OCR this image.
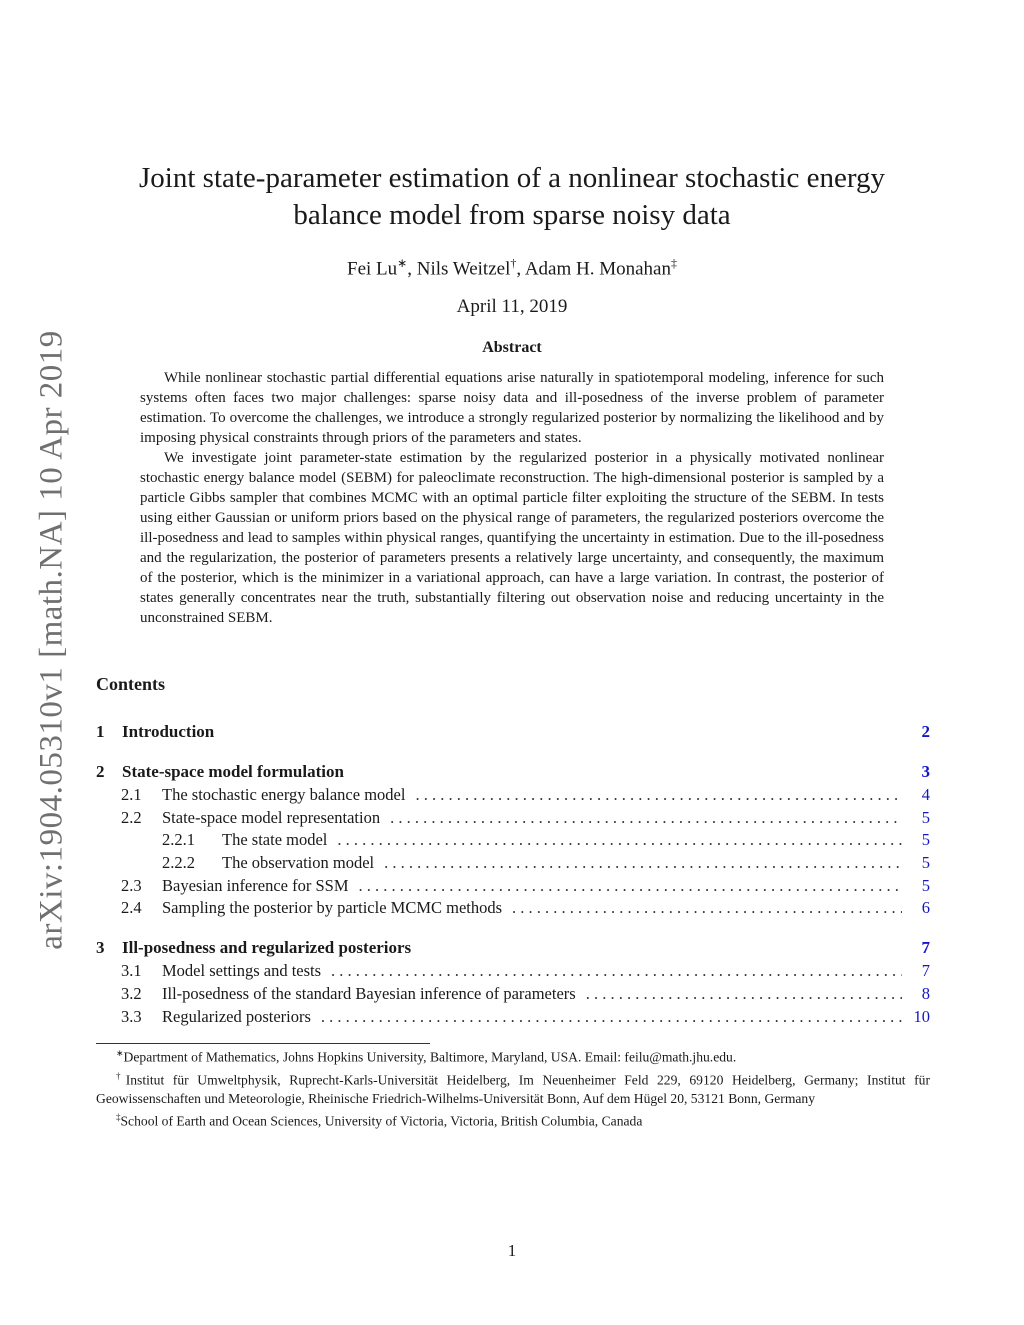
arXiv:1904.05310v1 [math.NA] 10 Apr 2019
Joint state-parameter estimation of a nonlinear stochastic energy
balance model from sparse noisy data
Fei Lu∗, Nils Weitzel†, Adam H. Monahan‡
April 11, 2019
Abstract

While nonlinear stochastic partial differential equations arise naturally in spatiotemporal modeling, inference for such systems often faces two major challenges: sparse noisy data and ill-posedness of the inverse problem of parameter estimation. To overcome the challenges, we introduce a strongly regularized posterior by normalizing the likelihood and by imposing physical constraints through priors of the parameters and states.

We investigate joint parameter-state estimation by the regularized posterior in a physically motivated nonlinear stochastic energy balance model (SEBM) for paleoclimate reconstruction. The high-dimensional posterior is sampled by a particle Gibbs sampler that combines MCMC with an optimal particle filter exploiting the structure of the SEBM. In tests using either Gaussian or uniform priors based on the physical range of parameters, the regularized posteriors overcome the ill-posedness and lead to samples within physical ranges, quantifying the uncertainty in estimation. Due to the ill-posedness and the regularization, the posterior of parameters presents a relatively large uncertainty, and consequently, the maximum of the posterior, which is the minimizer in a variational approach, can have a large variation. In contrast, the posterior of states generally concentrates near the truth, substantially filtering out observation noise and reducing uncertainty in the unconstrained SEBM.

Contents
1	Introduction	2
2	State-space model formulation	3
2.1	The stochastic energy balance model . . .	4
2.2	State-space model representation . . .	5
2.2.1	The state model . . .	5
2.2.2	The observation model . . .	5
2.3	Bayesian inference for SSM . . .	5
2.4	Sampling the posterior by particle MCMC methods . . .	6
3	Ill-posedness and regularized posteriors	7
3.1	Model settings and tests . . .	7
3.2	Ill-posedness of the standard Bayesian inference of parameters . . .	8
3.3	Regularized posteriors . . .	10

∗Department of Mathematics, Johns Hopkins University, Baltimore, Maryland, USA. Email: feilu@math.jhu.edu.

†Institut für Umweltphysik, Ruprecht-Karls-Universität Heidelberg, Im Neuenheimer Feld 229, 69120 Heidelberg, Germany; Institut für Geowissenschaften und Meteorologie, Rheinische Friedrich-Wilhelms-Universität Bonn, Auf dem Hügel 20, 53121 Bonn, Germany

‡School of Earth and Ocean Sciences, University of Victoria, Victoria, British Columbia, Canada

1
